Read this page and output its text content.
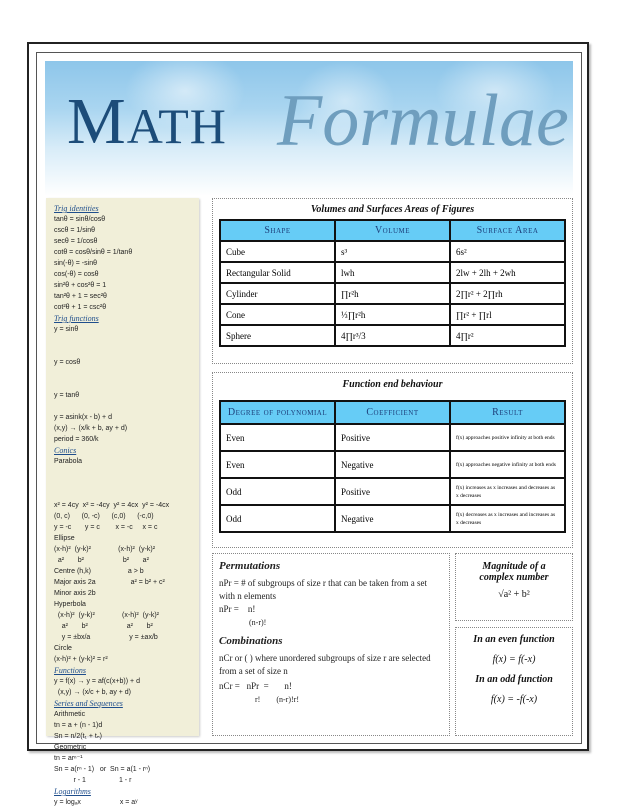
MATH Formulae
Trig identities
tanθ = sinθ/cosθ
cscθ = 1/sinθ
secθ = 1/cosθ
cotθ = cosθ/sinθ = 1/tanθ
sin(-θ) = -sinθ
cos(-θ) = cosθ
sin²θ + cos²θ = 1
tan²θ + 1 = sec²θ
cot²θ + 1 = csc²θ
Trig functions
y = sinθ
y = cosθ
y = tanθ
y = asink(x - b) + d
(x,y) → (x/k + b, ay + d)
period = 360/k
Conics
Parabola
x² = 4cy  x² = -4cy  y² = 4cx  y² = -4cx
(0, c)      (0, -c)      (c,0)      (-c,0)
y = -c       y = c        x = -c     x = c
Ellipse
(x-h)²  (y-k)²              (x-h)²  (y-k)²
a²       b²                    b²       a²
Centre (h,k)                   a > b
Major axis 2a                  a² = b² + c²
Minor axis 2b
Hyperbola
(x-h)²  (y-k)²              (x-h)²  (y-k)²
a²       b²                    a²       b²
y = ±bx/a                    y = ±ax/b
Circle
(x-h)² + (y-k)² = r²
Functions
y = f(x) → y = af(c(x+b)) + d
(x,y) → (x/c + b, ay + d)
Series and Sequences
Arithmetic
tn = a + (n - 1)d
Sn = n/2(t₁ + tₙ)
Geometric
tn = arⁿ⁻¹
Sn = a(rⁿ - 1)   or  Sn = a(1 - rⁿ)
r - 1                 1 - r
Logarithms
y = logₐx                    x = aʸ
Volumes and Surfaces Areas of Figures
Shape	Volume	Surface Area
Cube	s³	6s²
Rectangular Solid	lwh	2lw + 2lh + 2wh
Cylinder	∏r²h	2∏r² + 2∏rh
Cone	⅓∏r²h	∏r² + ∏rl
Sphere	4∏r³/3	4∏r²
Function end behaviour
Degree of polynomial	Coefficient	Result
Even	Positive	f(x) approaches positive infinity at both ends
Even	Negative	f(x) approaches negative infinity at both ends
Odd	Positive	f(x) increases as x increases and decreases as x decreases
Odd	Negative	f(x) decreases as x increases and increases as x decreases
Permutations
nPr = # of subgroups of size r that can be taken from a set with n elements
nPr =    n!
(n-r)!
Combinations
nCr or ( ) where unordered subgroups of size r are selected from a set of size n
nCr =   nPr  =       n!
r!        (n-r)!r!
Magnitude of a
complex number
√a² + b²
In an even function
f(x) = f(-x)
In an odd function
f(x) = -f(-x)
